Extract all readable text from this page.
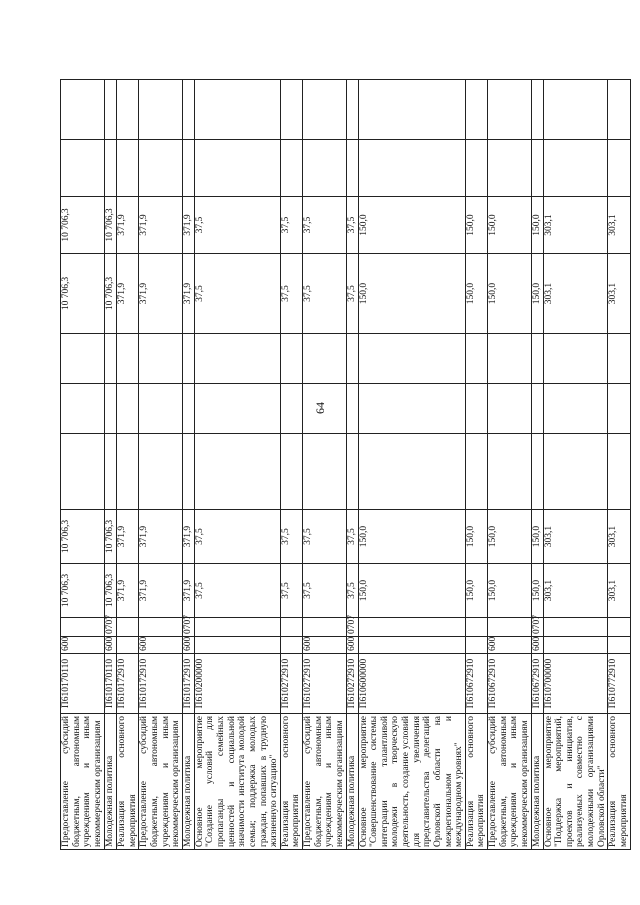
64
Предоставление субсидий бюджетным, автономным учреждениям и иным некоммерческим организациям	П610170110	600		10 706,3	10 706,3				10 706,3	10 706,3		
Молодежная политика	П610170110	600	0707	10 706,3	10 706,3				10 706,3	10 706,3		
Реализация основного мероприятия	П610172910			371,9	371,9				371,9	371,9		
Предоставление субсидий бюджетным, автономным учреждениям и иным некоммерческим организациям	П610172910	600		371,9	371,9				371,9	371,9		
Молодежная политика	П610172910	600	0707	371,9	371,9				371,9	371,9		
Основное мероприятие "Создание условий для пропаганды семейных ценностей и социальной значимости института молодой семьи; поддержка молодых граждан, попавших в трудную жизненную ситуацию"	П610200000			37,5	37,5				37,5	37,5		
Реализация основного мероприятия	П610272910			37,5	37,5				37,5	37,5		
Предоставление субсидий бюджетным, автономным учреждениям и иным некоммерческим организациям	П610272910	600		37,5	37,5				37,5	37,5		
Молодежная политика	П610272910	600	0707	37,5	37,5				37,5	37,5		
Основное мероприятие "Совершенствование системы интеграции талантливой молодежи в творческую деятельность, создание условий для увеличения представительства делегаций Орловской области на межрегиональном и международном уровнях"	П610600000			150,0	150,0				150,0	150,0		
Реализация основного мероприятия	П610672910			150,0	150,0				150,0	150,0		
Предоставление субсидий бюджетным, автономным учреждениям и иным некоммерческим организациям	П610672910	600		150,0	150,0				150,0	150,0		
Молодежная политика	П610672910	600	0707	150,0	150,0				150,0	150,0		
Основное мероприятие "Поддержка мероприятий, проектов и инициатив, реализуемых совместно с молодежными организациями Орловской области"	П610700000			303,1	303,1				303,1	303,1		
Реализация основного мероприятия	П610772910			303,1	303,1				303,1	303,1		
